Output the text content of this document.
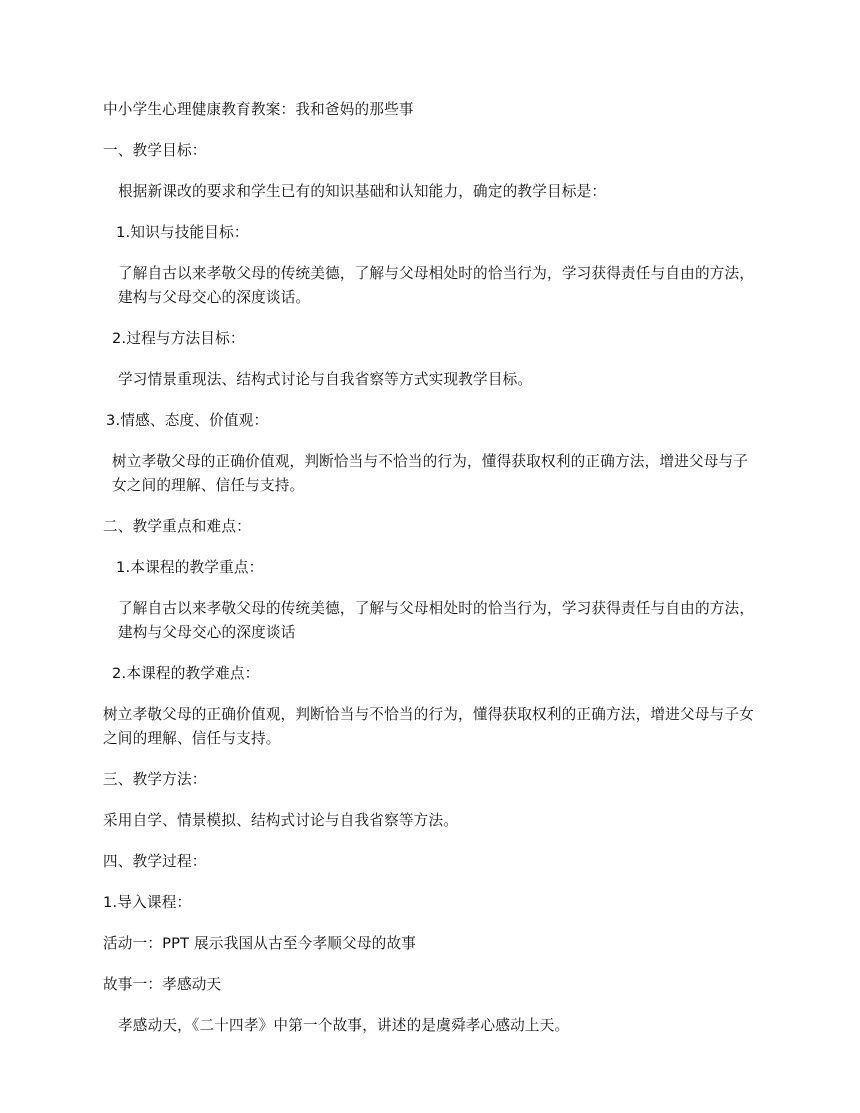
中小学生心理健康教育教案：我和爸妈的那些事

一、教学目标：

根据新课改的要求和学生已有的知识基础和认知能力，确定的教学目标是：

1.知识与技能目标：

了解自古以来孝敬父母的传统美德，了解与父母相处时的恰当行为，学习获得责任与自由的方法，建构与父母交心的深度谈话。

2.过程与方法目标：

学习情景重现法、结构式讨论与自我省察等方式实现教学目标。

3.情感、态度、价值观：

树立孝敬父母的正确价值观，判断恰当与不恰当的行为，懂得获取权利的正确方法，增进父母与子女之间的理解、信任与支持。

二、教学重点和难点：

1.本课程的教学重点：

了解自古以来孝敬父母的传统美德，了解与父母相处时的恰当行为，学习获得责任与自由的方法，建构与父母交心的深度谈话

2.本课程的教学难点：

树立孝敬父母的正确价值观，判断恰当与不恰当的行为，懂得获取权利的正确方法，增进父母与子女之间的理解、信任与支持。

三、教学方法：

采用自学、情景模拟、结构式讨论与自我省察等方法。

四、教学过程：

1.导入课程：

活动一：PPT 展示我国从古至今孝顺父母的故事

故事一：孝感动天

孝感动天，《二十四孝》中第一个故事，讲述的是虞舜孝心感动上天。
